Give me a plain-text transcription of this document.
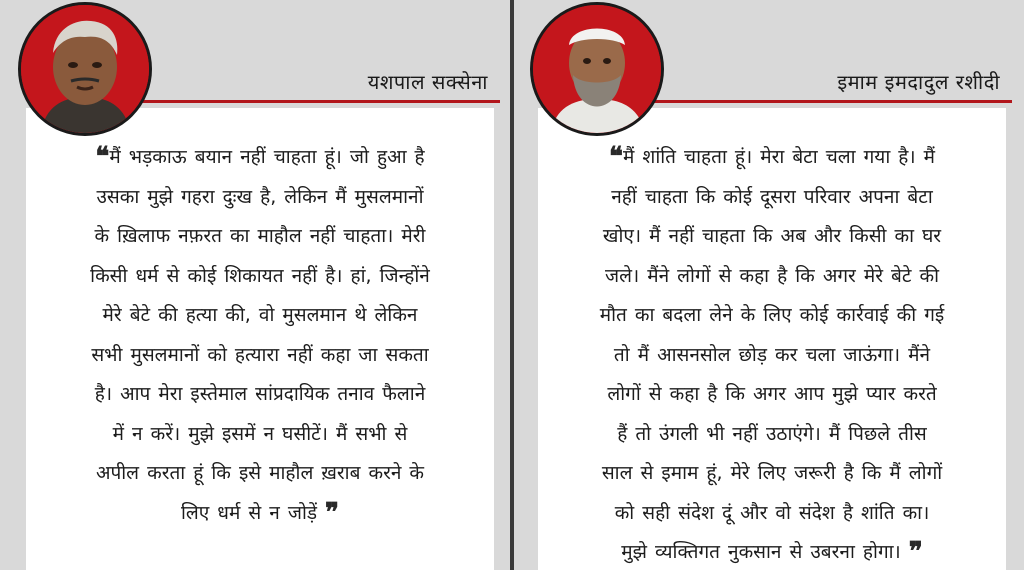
यशपाल सक्सेना
❝मैं भड़काऊ बयान नहीं चाहता हूं। जो हुआ है
उसका मुझे गहरा दुःख है, लेकिन मैं मुसलमानों
के ख़िलाफ नफ़रत का माहौल नहीं चाहता। मेरी
किसी धर्म से कोई शिकायत नहीं है। हां, जिन्होंने
मेरे बेटे की हत्या की, वो मुसलमान थे लेकिन
सभी मुसलमानों को हत्यारा नहीं कहा जा सकता
है। आप मेरा इस्तेमाल सांप्रदायिक तनाव फैलाने
में न करें। मुझे इसमें न घसीटें। मैं सभी से
अपील करता हूं कि इसे माहौल ख़राब करने के
लिए धर्म से न जोड़ें ❞
इमाम इमदादुल रशीदी
❝मैं शांति चाहता हूं। मेरा बेटा चला गया है। मैं
नहीं चाहता कि कोई दूसरा परिवार अपना बेटा
खोए। मैं नहीं चाहता कि अब और किसी का घर
जले। मैंने लोगों से कहा है कि अगर मेरे बेटे की
मौत का बदला लेने के लिए कोई कार्रवाई की गई
तो मैं आसनसोल छोड़ कर चला जाऊंगा। मैंने
लोगों से कहा है कि अगर आप मुझे प्यार करते
हैं तो उंगली भी नहीं उठाएंगे। मैं पिछले तीस
साल से इमाम हूं, मेरे लिए जरूरी है कि मैं लोगों
को सही संदेश दूं और वो संदेश है शांति का।
मुझे व्यक्तिगत नुकसान से उबरना होगा। ❞
